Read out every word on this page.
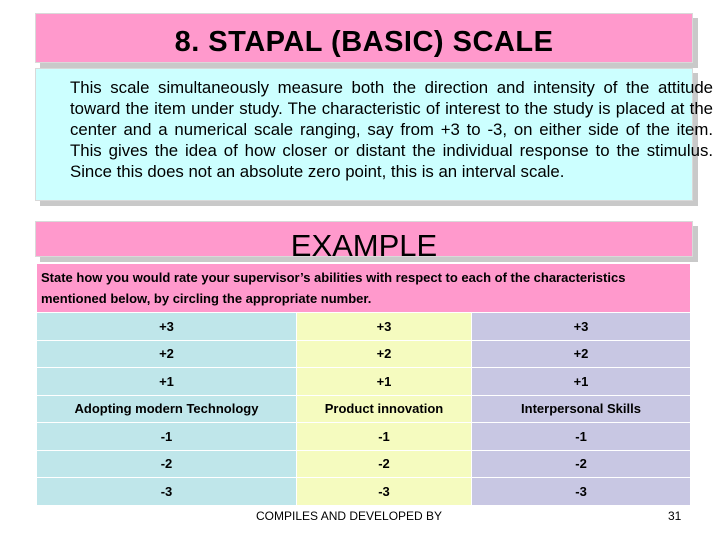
8. STAPAL (BASIC) SCALE
This scale simultaneously measure both the direction and intensity of the attitude toward the item under study. The characteristic of interest to the study is placed at the center and a numerical scale ranging, say from +3 to -3, on either side of the item. This gives the idea of how closer or distant the individual response to the stimulus. Since this does not an absolute zero point, this is an interval scale.
EXAMPLE
State how you would rate your supervisor’s abilities with respect to each of the characteristics mentioned below, by circling the appropriate number.		
+3	+3	+3
+2	+2	+2
+1	+1	+1
Adopting modern Technology	Product innovation	Interpersonal Skills
-1	-1	-1
-2	-2	-2
-3	-3	-3
COMPILES AND DEVELOPED BY	31
